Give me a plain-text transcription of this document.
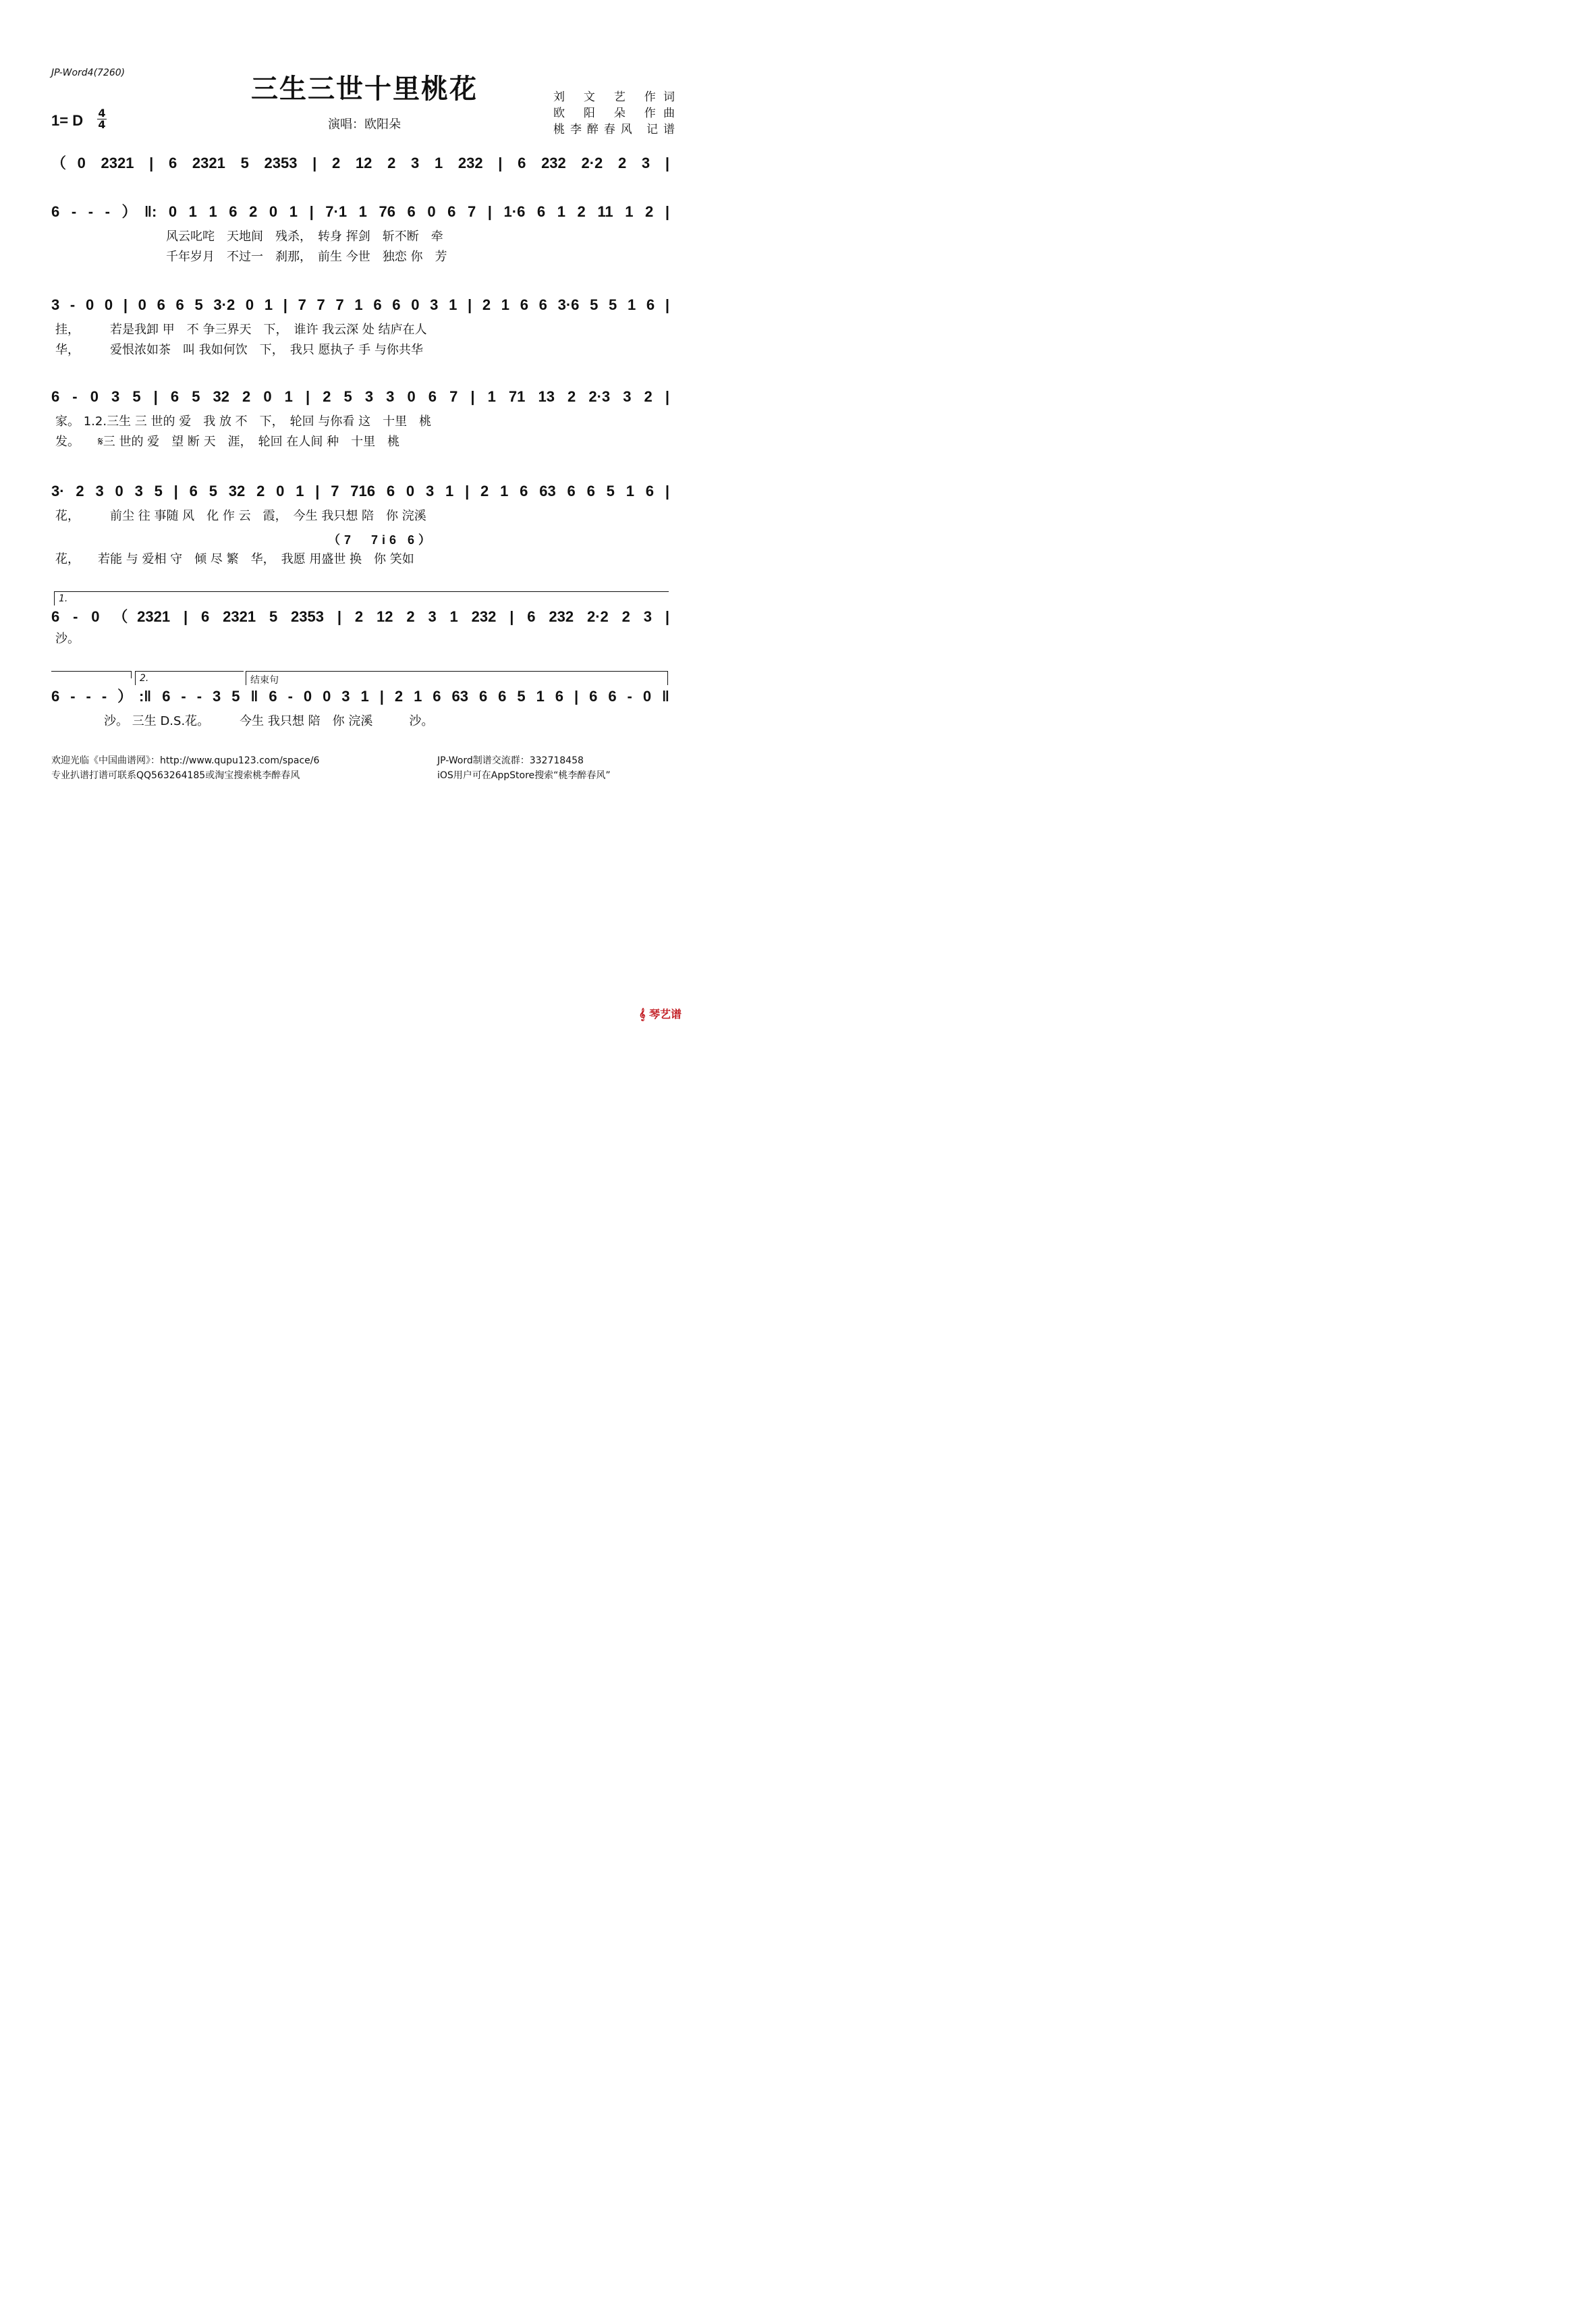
JP-Word4(7260)	三生三世十里桃花	刘 文 艺 作词
欧 阳 朵 作曲
桃李醉春风 记谱
1= D 4
4	演唱：欧阳朵
（0 2321 | 6 2321 5 2353 | 2 12 2 3 1 232 | 6 232 2·2 2 3 |
6 - - - ）‖: 0 1 1 6 2 0 1 | 7·1 1 76 6 0 6 7 | 1·6 6 1 2 11 1 2 |
风云叱咤　天地间　残杀，　转身 挥剑　斩不断　牵
千年岁月　不过一　刹那，　前生 今世　独恋 你　芳
3 - 0 0 | 0 6 6 5 3·2 0 1 | 7 7 7 1 6 6 0 3 1 | 2 1 6 6 3·6 5 5 1 6 |
挂，　　　若是我卸 甲　不 争三界天　下，　谁许 我云深 处 结庐在人
华，　　　爱恨浓如茶　叫 我如何饮　下，　我只 愿执子 手 与你共华
6 - 0 3 5 | 6 5 32 2 0 1 | 2 5 3 3 0 6 7 | 1 71 13 2 2·3 3 2 |
家。 1.2.三生 三 世的 爱　我 放 不　下，　轮回 与你看 这　十里　桃
发。　　𝄋三 世的 爱　望 断 天　涯，　轮回 在人间 种　十里　桃
3· 2 3 0 3 5 | 6 5 32 2 0 1 | 7 716 6 0 3 1 | 2 1 6 63 6 6 5 1 6 |
花，　　　前尘 往 事随 风　化 作 云　霞，　今生 我只想 陪　你 浣溪
（7　7i6 6）
花，　　若能 与 爱相 守　倾 尽 繁　华，　我愿 用盛世 换　你 笑如
1.
6 - 0 （2321 | 6 2321 5 2353 | 2 12 2 3 1 232 | 6 232 2·2 2 3 |
沙。
2.	结束句
6 - - - ）:‖ 6 - - 3 5 ‖ 6 - 0 0 3 1 | 2 1 6 63 6 6 5 1 6 | 6 6 - 0 ‖
　　　　沙。 三生 D.S.花。　　　今生 我只想 陪　你 浣溪　　　沙。
欢迎光临《中国曲谱网》：http://www.qupu123.com/space/6
专业扒谱打谱可联系QQ563264185或淘宝搜索桃李醉春风
JP-Word制谱交流群：332718458
iOS用户可在AppStore搜索“桃李醉春风”
𝄞 琴艺谱
